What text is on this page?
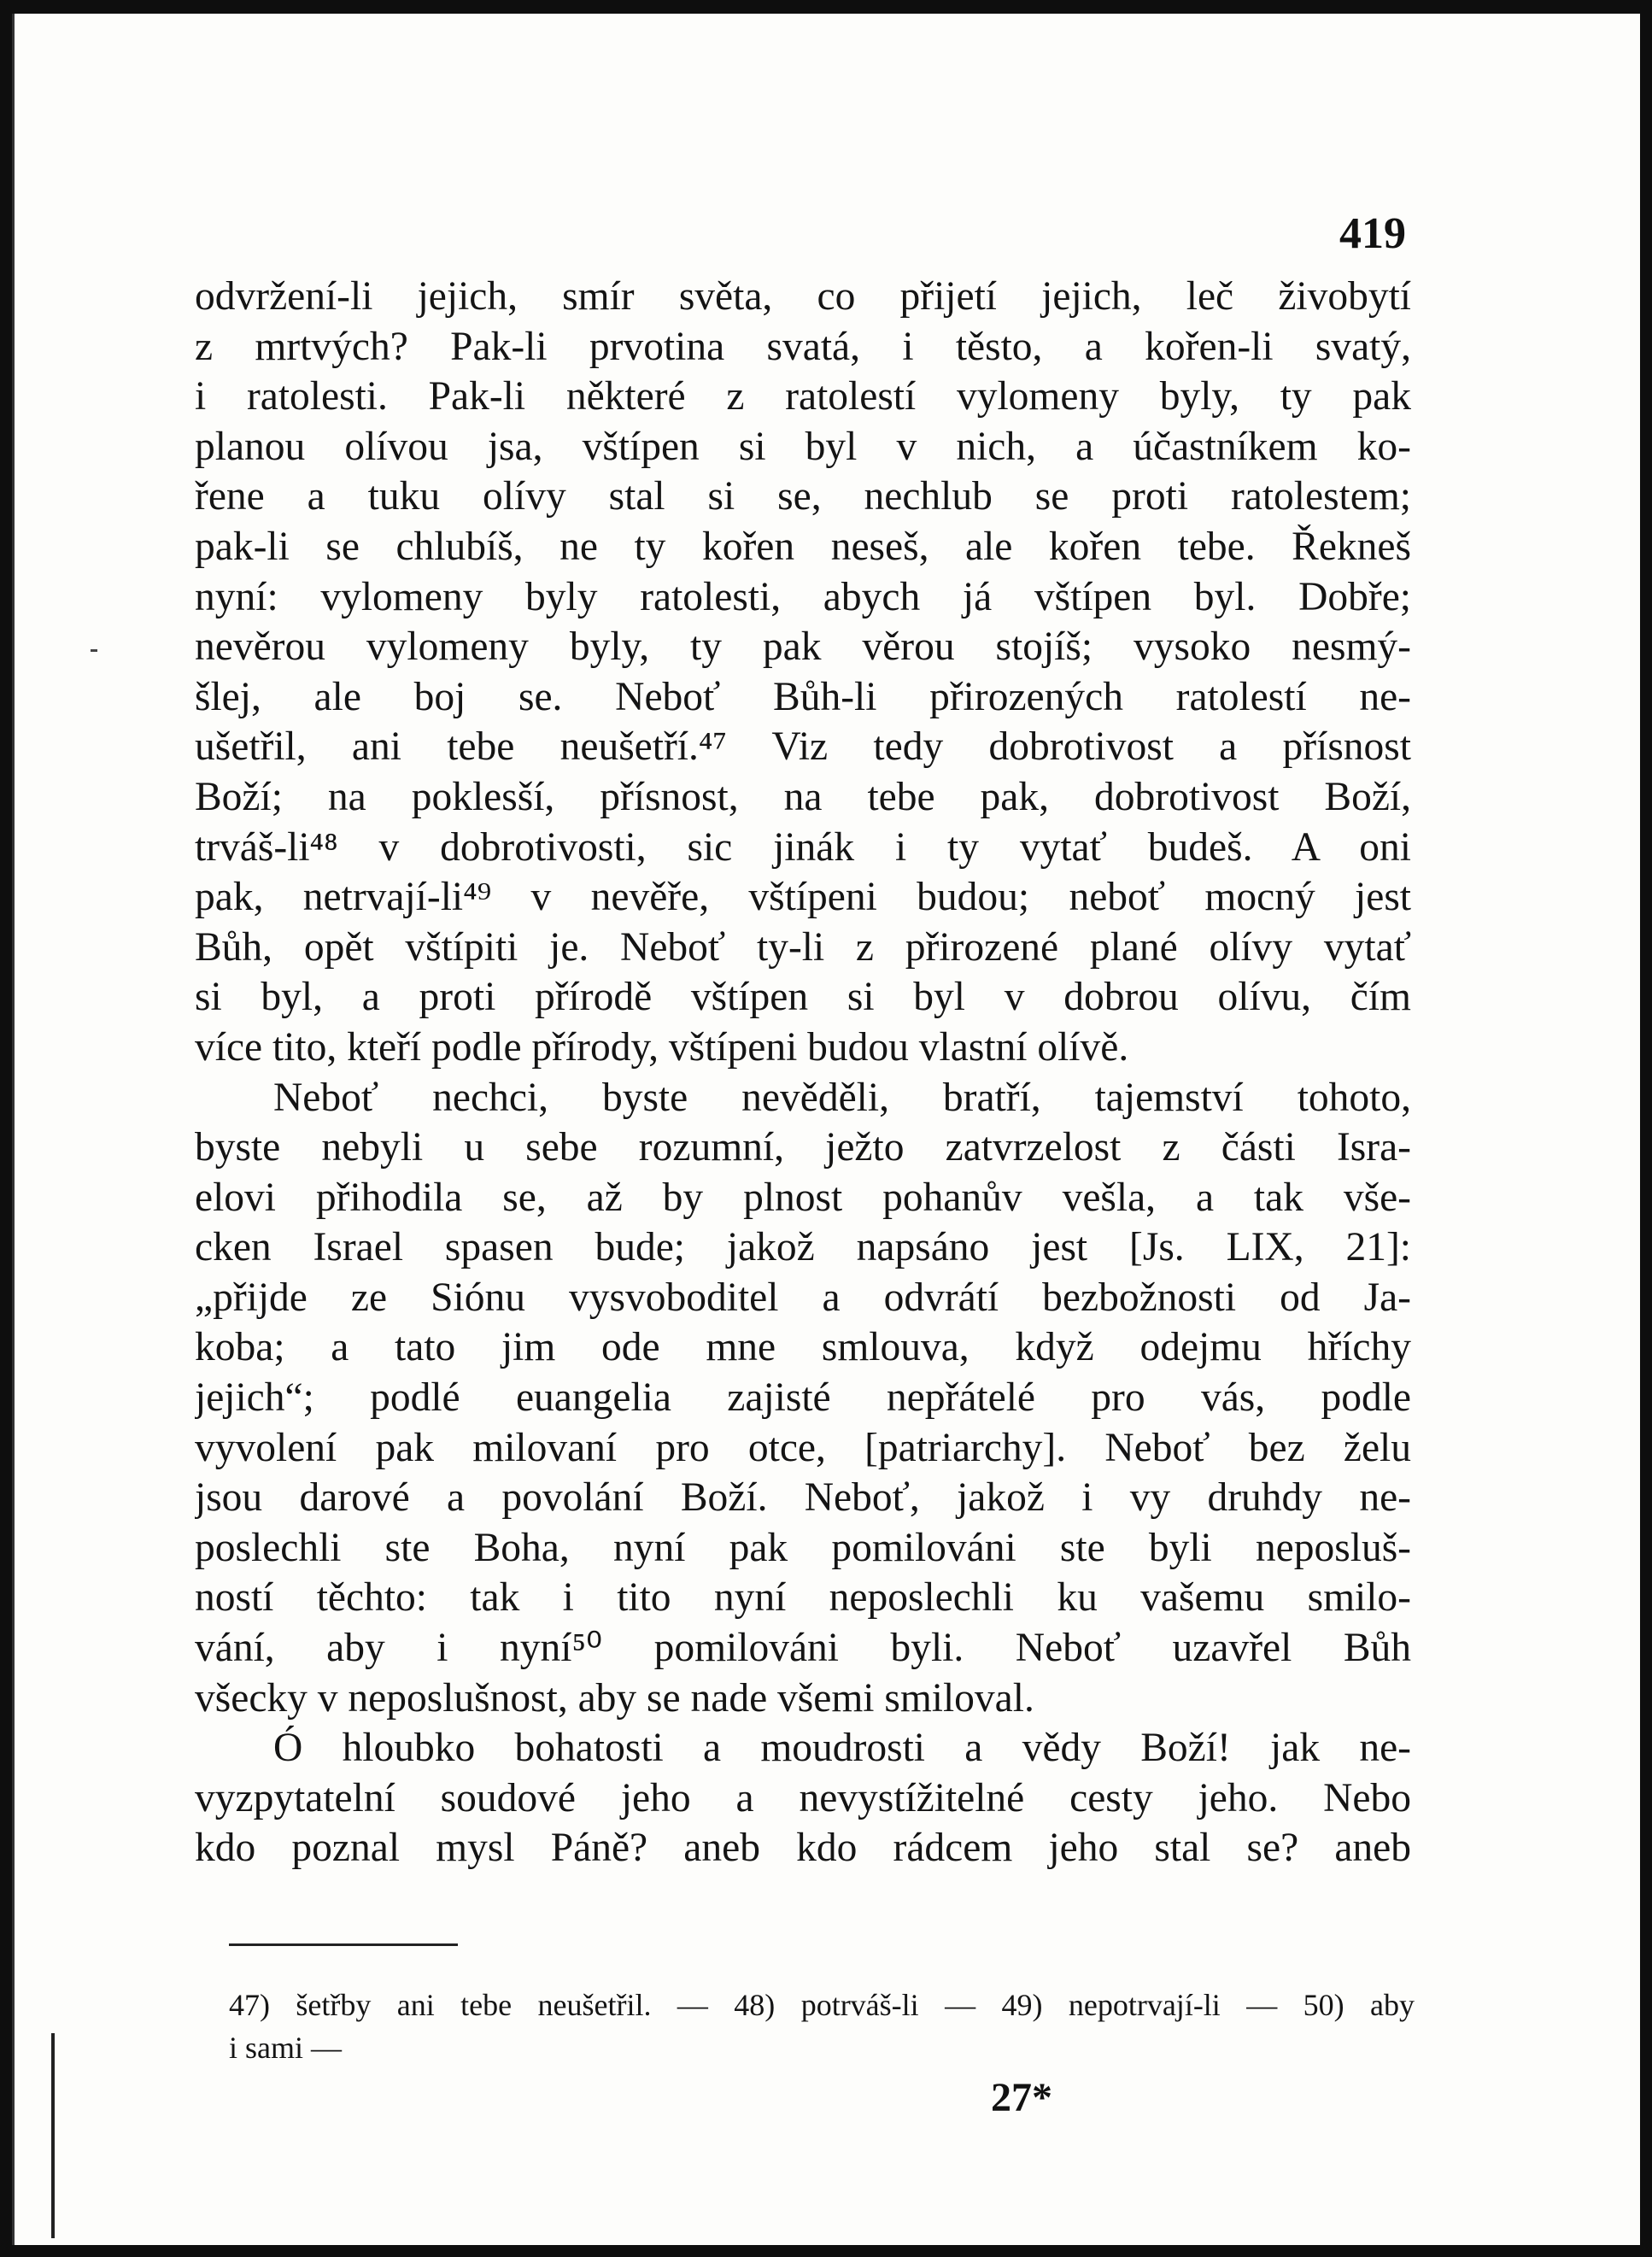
419
odvržení-li jejich, smír světa, co přijetí jejich, leč živobytí
z mrtvých? Pak-li prvotina svatá, i těsto, a kořen-li svatý,
i ratolesti. Pak-li některé z ratolestí vylomeny byly, ty pak
planou olívou jsa, vštípen si byl v nich, a účastníkem ko-
řene a tuku olívy stal si se, nechlub se proti ratolestem;
pak-li se chlubíš, ne ty kořen neseš, ale kořen tebe. Řekneš
nyní: vylomeny byly ratolesti, abych já vštípen byl. Dobře;
nevěrou vylomeny byly, ty pak věrou stojíš; vysoko nesmý-
šlej, ale boj se. Neboť Bůh-li přirozených ratolestí ne-
ušetřil, ani tebe neušetří.⁴⁷ Viz tedy dobrotivost a přísnost
Boží; na poklesší, přísnost, na tebe pak, dobrotivost Boží,
trváš-li⁴⁸ v dobrotivosti, sic jinák i ty vytať budeš. A oni
pak, netrvají-li⁴⁹ v nevěře, vštípeni budou; neboť mocný jest
Bůh, opět vštípiti je. Neboť ty-li z přirozené plané olívy vytať
si byl, a proti přírodě vštípen si byl v dobrou olívu, čím
více tito, kteří podle přírody, vštípeni budou vlastní olívě.
Neboť nechci, byste nevěděli, bratří, tajemství tohoto,
byste nebyli u sebe rozumní, ježto zatvrzelost z části Isra-
elovi přihodila se, až by plnost pohanův vešla, a tak vše-
cken Israel spasen bude; jakož napsáno jest [Js. LIX, 21]:
„přijde ze Siónu vysvoboditel a odvrátí bezbožnosti od Ja-
koba; a tato jim ode mne smlouva, když odejmu hříchy
jejich“; podlé euangelia zajisté nepřátelé pro vás, podle
vyvolení pak milovaní pro otce, [patriarchy]. Neboť bez želu
jsou darové a povolání Boží. Neboť, jakož i vy druhdy ne-
poslechli ste Boha, nyní pak pomilováni ste byli neposluš-
ností těchto: tak i tito nyní neposlechli ku vašemu smilo-
vání, aby i nyní⁵⁰ pomilováni byli. Neboť uzavřel Bůh
všecky v neposlušnost, aby se nade všemi smiloval.
Ó hloubko bohatosti a moudrosti a vědy Boží! jak ne-
vyzpytatelní soudové jeho a nevystížitelné cesty jeho. Nebo
kdo poznal mysl Páně? aneb kdo rádcem jeho stal se? aneb
47) šetřby ani tebe neušetřil. — 48) potrváš-li — 49) nepotrvají-li — 50) aby
i sami —
27*
